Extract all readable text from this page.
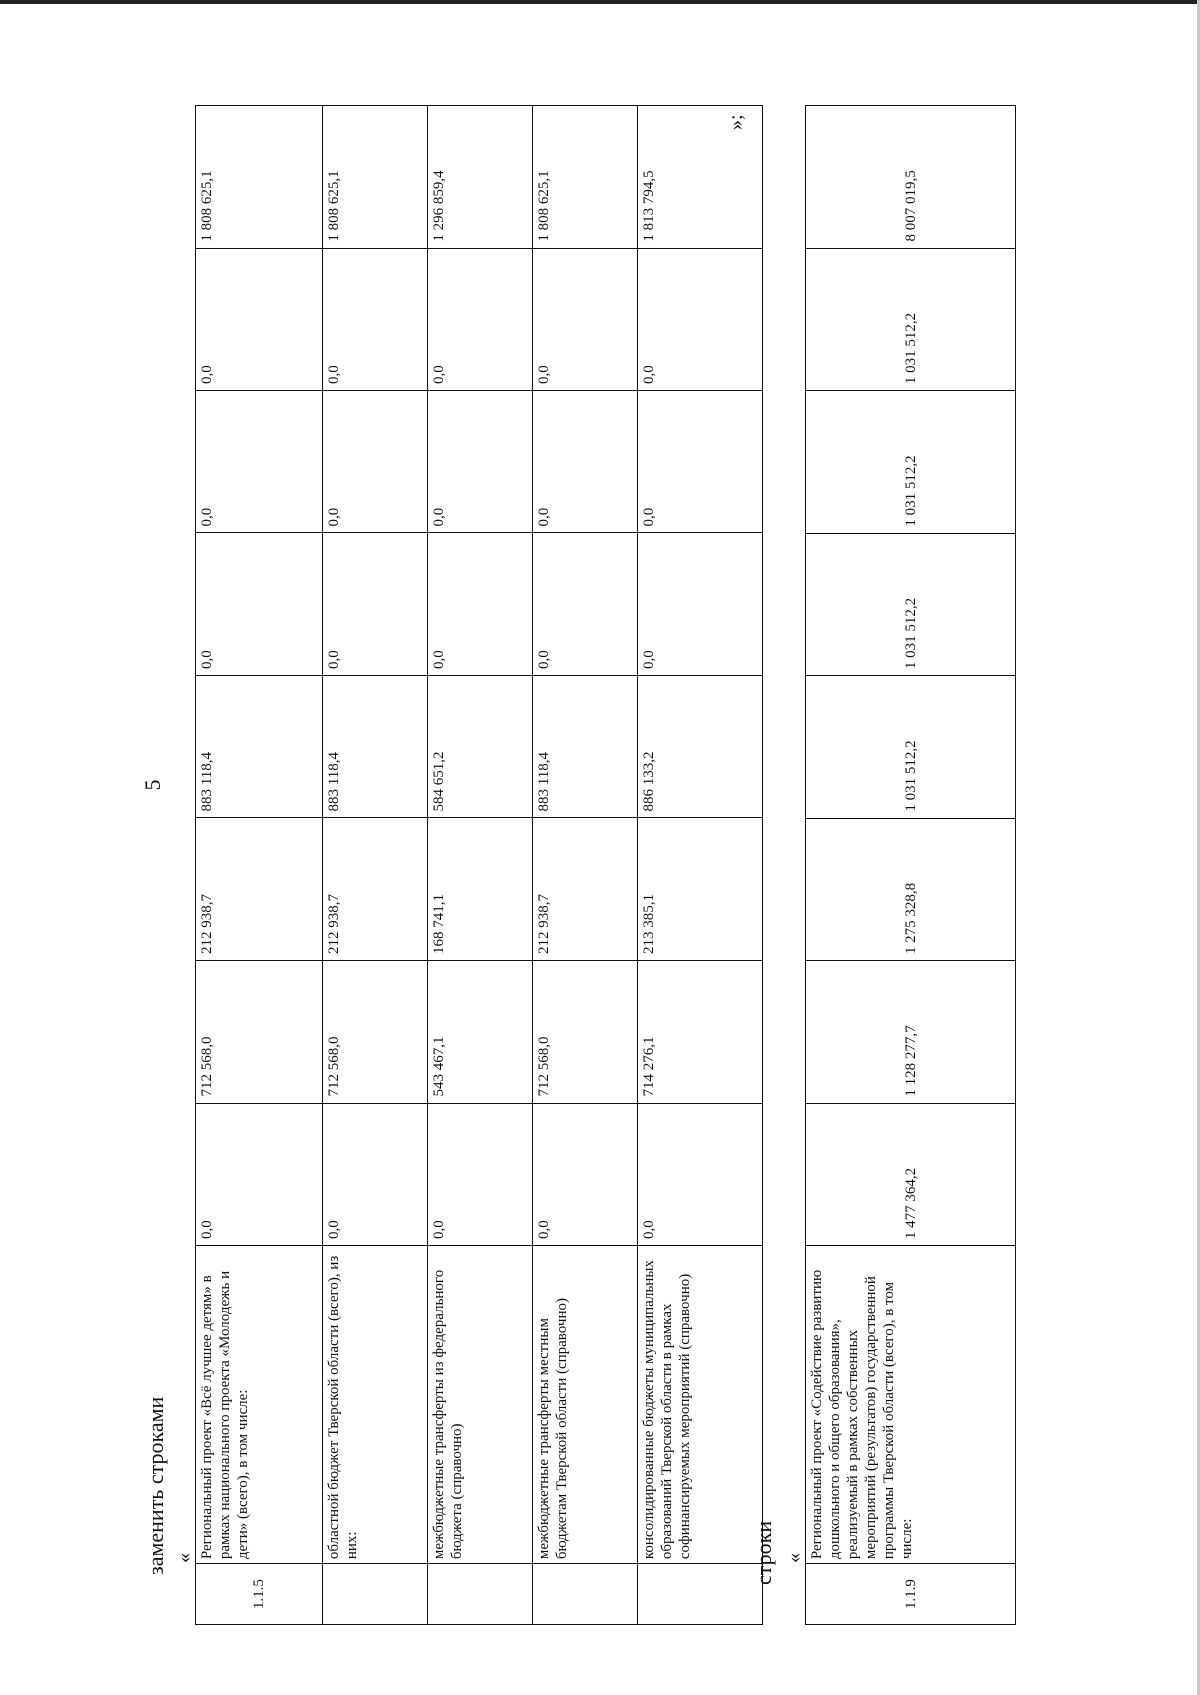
5
заменить строками «
1.1.5	Региональный проект «Всё лучшее детям» в рамках национального проекта «Молодежь и дети» (всего), в том числе:	0,0	712 568,0	212 938,7	883 118,4	0,0	0,0	0,0	1 808 625,1
	областной бюджет Тверской области (всего), из них:	0,0	712 568,0	212 938,7	883 118,4	0,0	0,0	0,0	1 808 625,1
	межбюджетные трансферты из федерального бюджета (справочно)	0,0	543 467,1	168 741,1	584 651,2	0,0	0,0	0,0	1 296 859,4
	межбюджетные трансферты местным бюджетам Тверской области (справочно)	0,0	712 568,0	212 938,7	883 118,4	0,0	0,0	0,0	1 808 625,1
	консолидированные бюджеты муниципальных образований Тверской области в рамках софинансируемых мероприятий (справочно)	0,0	714 276,1	213 385,1	886 133,2	0,0	0,0	0,0	1 813 794,5
»;
строки «
1.1.9	Региональный проект «Содействие развитию дошкольного и общего образования», реализуемый в рамках собственных мероприятий (результатов) государственной программы Тверской области (всего), в том числе:	1 477 364,2	1 128 277,7	1 275 328,8	1 031 512,2	1 031 512,2	1 031 512,2	1 031 512,2	8 007 019,5
